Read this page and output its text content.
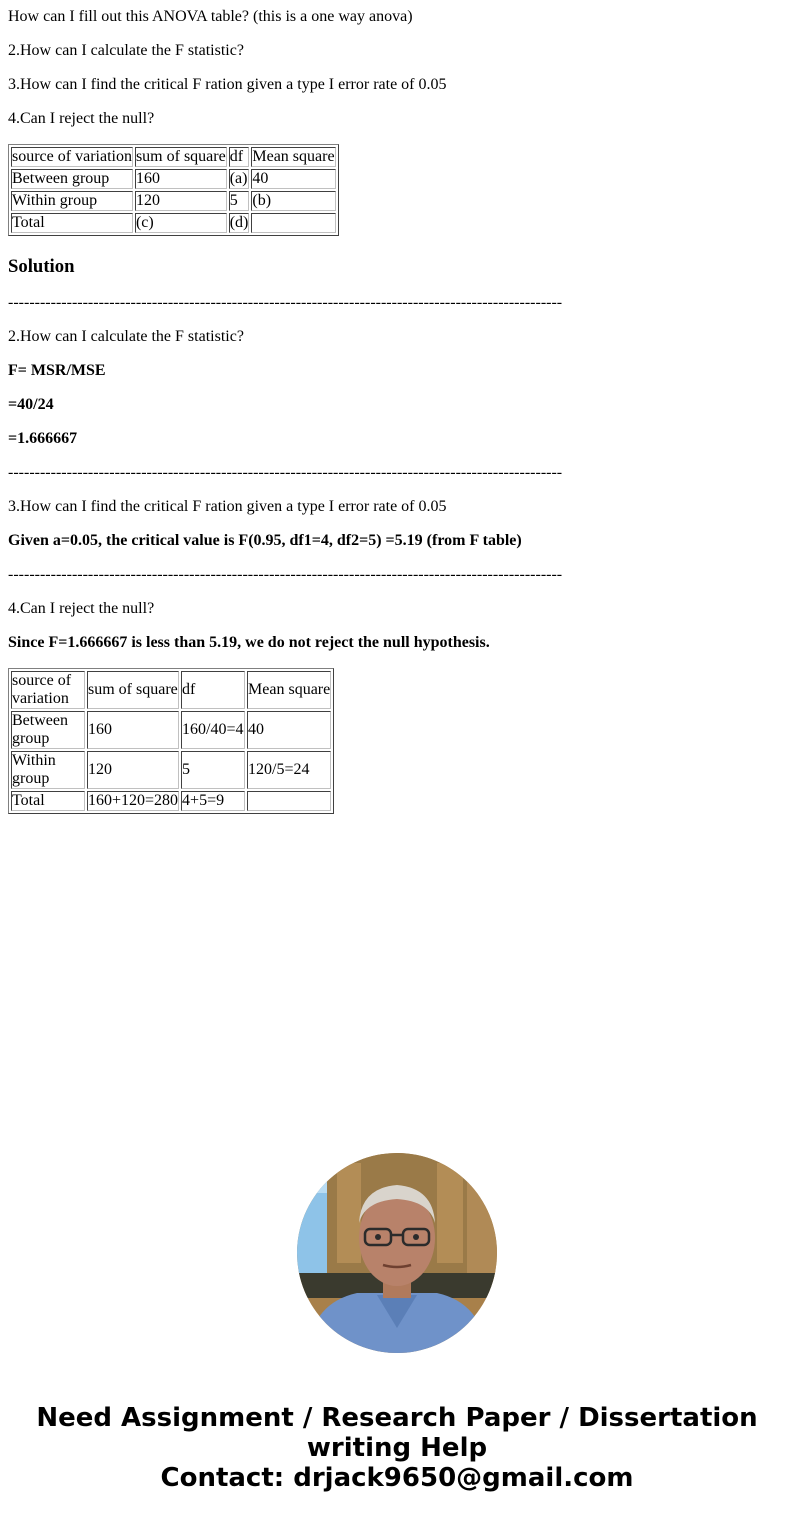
How can I fill out this ANOVA table? (this is a one way anova)

2.How can I calculate the F statistic?

3.How can I find the critical F ration given a type I error rate of 0.05

4.Can I reject the null?

source of variation	sum of square	df	Mean square
Between group	160	(a)	40
Within group	120	5	(b)
Total	(c)	(d)	
Solution

--------------------------------------------------------------------------------------------------------

2.How can I calculate the F statistic?

F= MSR/MSE

=40/24

=1.666667

--------------------------------------------------------------------------------------------------------

3.How can I find the critical F ration given a type I error rate of 0.05

Given a=0.05, the critical value is F(0.95, df1=4, df2=5) =5.19 (from F table)

--------------------------------------------------------------------------------------------------------

4.Can I reject the null?

Since F=1.666667 is less than 5.19, we do not reject the null hypothesis.

source of variation	sum of square	df	Mean square
Between group	160	160/40=4	40
Within group	120	5	120/5=24
Total	160+120=280	4+5=9	
Need Assignment / Research Paper / Dissertation
writing Help
Contact: drjack9650@gmail.com
